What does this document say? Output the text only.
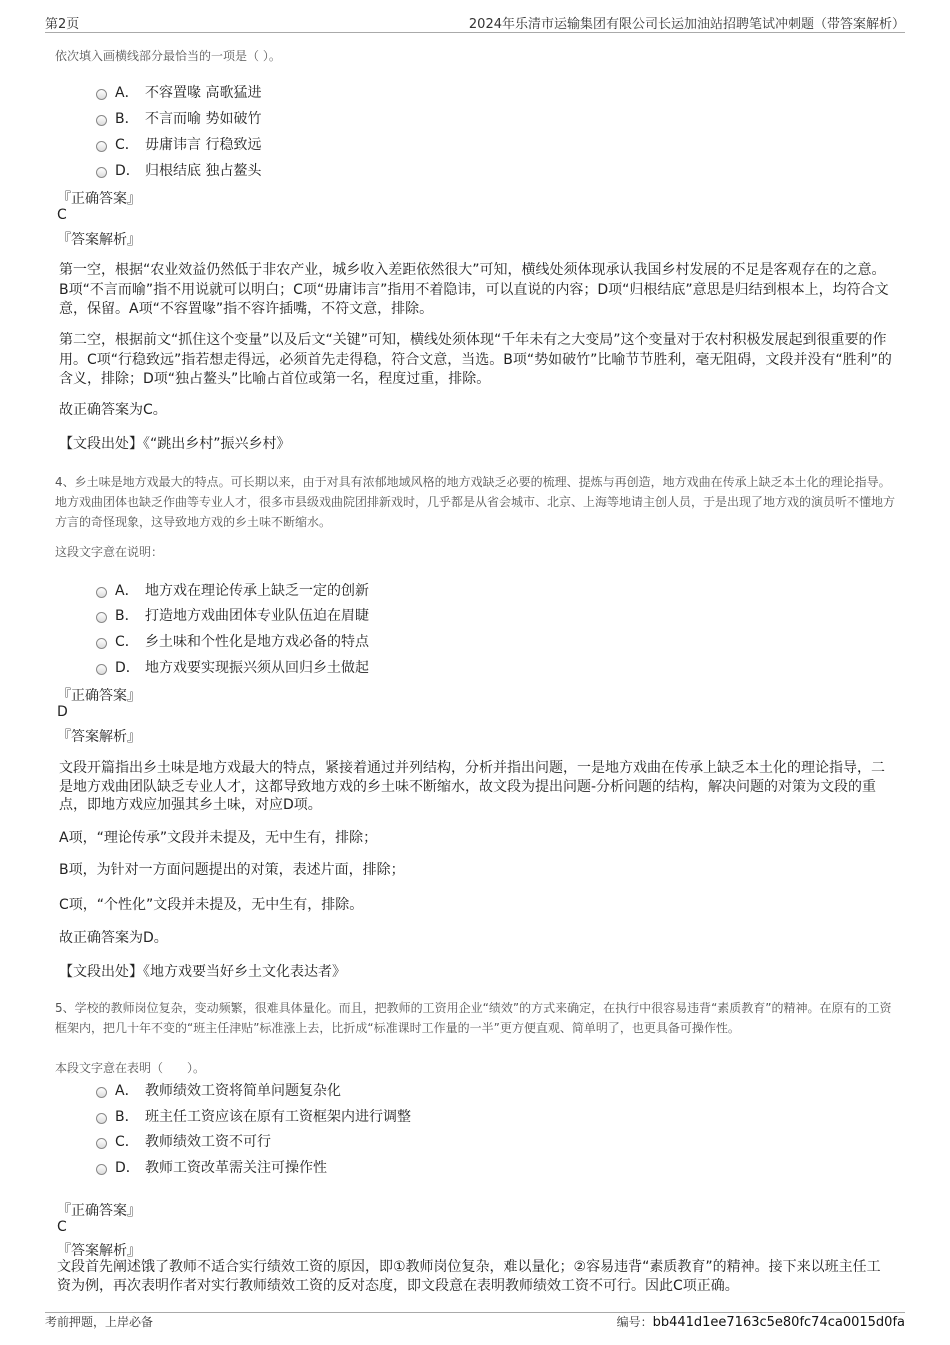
第2页	2024年乐清市运输集团有限公司长运加油站招聘笔试冲刺题（带答案解析）
依次填入画横线部分最恰当的一项是（ ）。
A． 不容置喙 高歌猛进
B． 不言而喻 势如破竹
C． 毋庸讳言 行稳致远
D． 归根结底 独占鳌头
『正确答案』
C
『答案解析』
第一空，根据“农业效益仍然低于非农产业，城乡收入差距依然很大”可知，横线处须体现承认我国乡村发展的不足是客观存在的之意。B项“不言而喻”指不用说就可以明白；C项“毋庸讳言”指用不着隐讳，可以直说的内容；D项“归根结底”意思是归结到根本上，均符合文意，保留。A项“不容置喙”指不容许插嘴，不符文意，排除。
第二空，根据前文“抓住这个变量”以及后文“关键”可知，横线处须体现“千年未有之大变局”这个变量对于农村积极发展起到很重要的作用。C项“行稳致远”指若想走得远，必须首先走得稳，符合文意，当选。B项“势如破竹”比喻节节胜利，毫无阻碍，文段并没有“胜利”的含义，排除；D项“独占鳌头”比喻占首位或第一名，程度过重，排除。
故正确答案为C。
【文段出处】《“跳出乡村”振兴乡村》
4、乡土味是地方戏最大的特点。可长期以来，由于对具有浓郁地域风格的地方戏缺乏必要的梳理、提炼与再创造，地方戏曲在传承上缺乏本土化的理论指导。地方戏曲团体也缺乏作曲等专业人才，很多市县级戏曲院团排新戏时，几乎都是从省会城市、北京、上海等地请主创人员，于是出现了地方戏的演员听不懂地方方言的奇怪现象，这导致地方戏的乡土味不断缩水。
这段文字意在说明：
A． 地方戏在理论传承上缺乏一定的创新
B． 打造地方戏曲团体专业队伍迫在眉睫
C． 乡土味和个性化是地方戏必备的特点
D． 地方戏要实现振兴须从回归乡土做起
『正确答案』
D
『答案解析』
文段开篇指出乡土味是地方戏最大的特点，紧接着通过并列结构，分析并指出问题，一是地方戏曲在传承上缺乏本土化的理论指导，二是地方戏曲团队缺乏专业人才，这都导致地方戏的乡土味不断缩水，故文段为提出问题-分析问题的结构，解决问题的对策为文段的重点，即地方戏应加强其乡土味，对应D项。
A项，“理论传承”文段并未提及，无中生有，排除；
B项，为针对一方面问题提出的对策，表述片面，排除；
C项，“个性化”文段并未提及，无中生有，排除。
故正确答案为D。
【文段出处】《地方戏要当好乡土文化表达者》
5、学校的教师岗位复杂，变动频繁，很难具体量化。而且，把教师的工资用企业“绩效”的方式来确定，在执行中很容易违背“素质教育”的精神。在原有的工资框架内，把几十年不变的“班主任津贴”标准涨上去，比折成“标准课时工作量的一半”更方便直观、简单明了，也更具备可操作性。
本段文字意在表明（　　）。
A． 教师绩效工资将简单问题复杂化
B． 班主任工资应该在原有工资框架内进行调整
C． 教师绩效工资不可行
D． 教师工资改革需关注可操作性
『正确答案』
C
『答案解析』
文段首先阐述饿了教师不适合实行绩效工资的原因，即①教师岗位复杂，难以量化；②容易违背“素质教育”的精神。接下来以班主任工资为例，再次表明作者对实行教师绩效工资的反对态度，即文段意在表明教师绩效工资不可行。因此C项正确。
考前押题，上岸必备	编号：bb441d1ee7163c5e80fc74ca0015d0fa
